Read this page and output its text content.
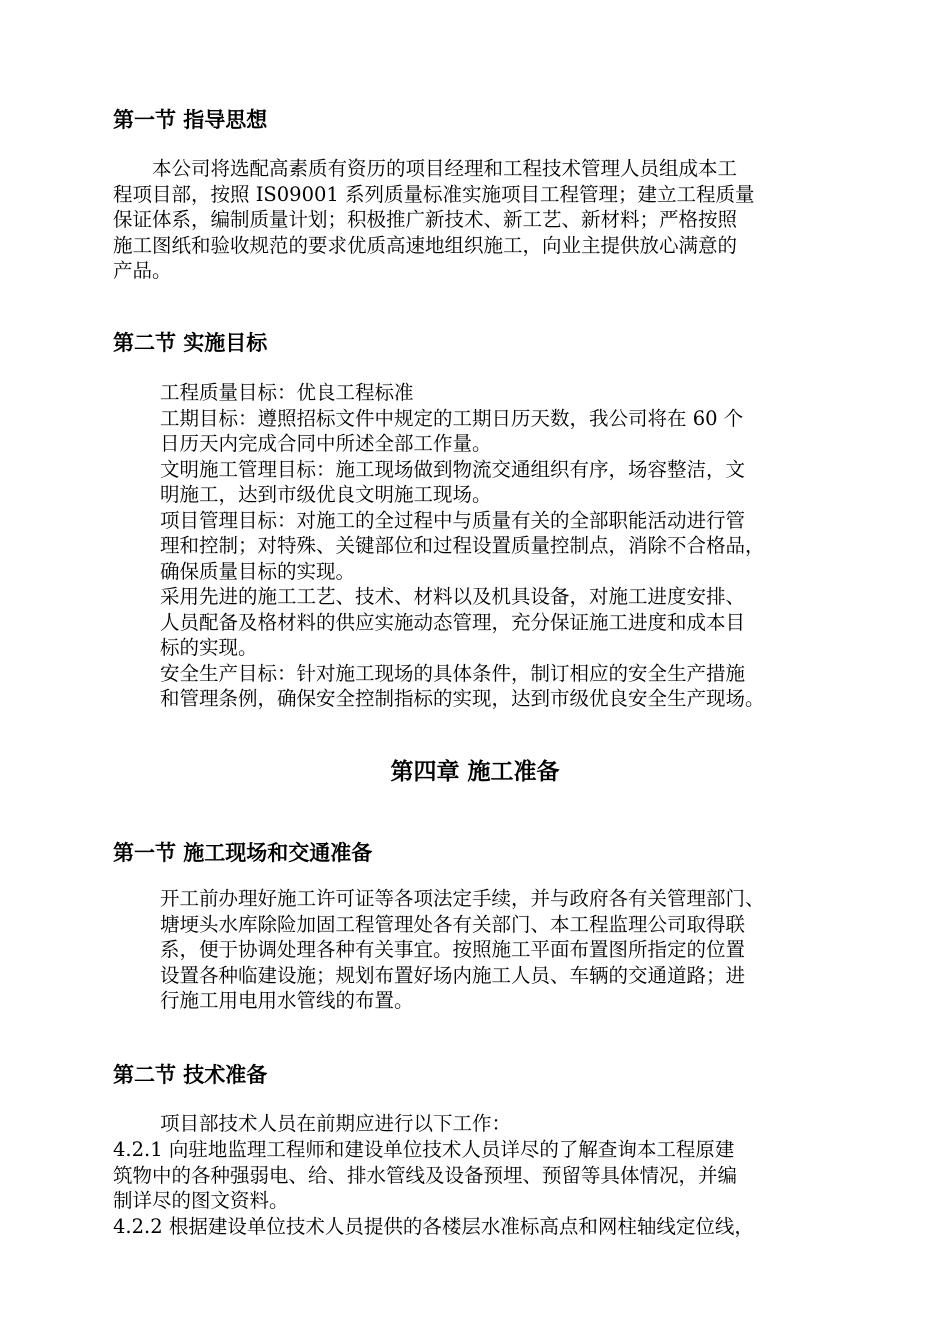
第一节 指导思想
　　本公司将选配高素质有资历的项目经理和工程技术管理人员组成本工
程项目部，按照 IS09001 系列质量标准实施项目工程管理；建立工程质量
保证体系，编制质量计划；积极推广新技术、新工艺、新材料；严格按照
施工图纸和验收规范的要求优质高速地组织施工，向业主提供放心满意的
产品。
第二节 实施目标
工程质量目标：优良工程标准
工期目标：遵照招标文件中规定的工期日历天数，我公司将在 60 个
日历天内完成合同中所述全部工作量。
文明施工管理目标：施工现场做到物流交通组织有序，场容整洁，文
明施工，达到市级优良文明施工现场。
项目管理目标：对施工的全过程中与质量有关的全部职能活动进行管
理和控制；对特殊、关键部位和过程设置质量控制点，消除不合格品，
确保质量目标的实现。
采用先进的施工工艺、技术、材料以及机具设备，对施工进度安排、
人员配备及格材料的供应实施动态管理，充分保证施工进度和成本目
标的实现。
安全生产目标：针对施工现场的具体条件，制订相应的安全生产措施
和管理条例，确保安全控制指标的实现，达到市级优良安全生产现场。
第四章 施工准备
第一节 施工现场和交通准备
开工前办理好施工许可证等各项法定手续，并与政府各有关管理部门、
塘埂头水库除险加固工程管理处各有关部门、本工程监理公司取得联
系，便于协调处理各种有关事宜。按照施工平面布置图所指定的位置
设置各种临建设施；规划布置好场内施工人员、车辆的交通道路；进
行施工用电用水管线的布置。
第二节 技术准备
项目部技术人员在前期应进行以下工作：
4.2.1 向驻地监理工程师和建设单位技术人员详尽的了解查询本工程原建
筑物中的各种强弱电、给、排水管线及设备预埋、预留等具体情况，并编
制详尽的图文资料。
4.2.2 根据建设单位技术人员提供的各楼层水准标高点和网柱轴线定位线，
